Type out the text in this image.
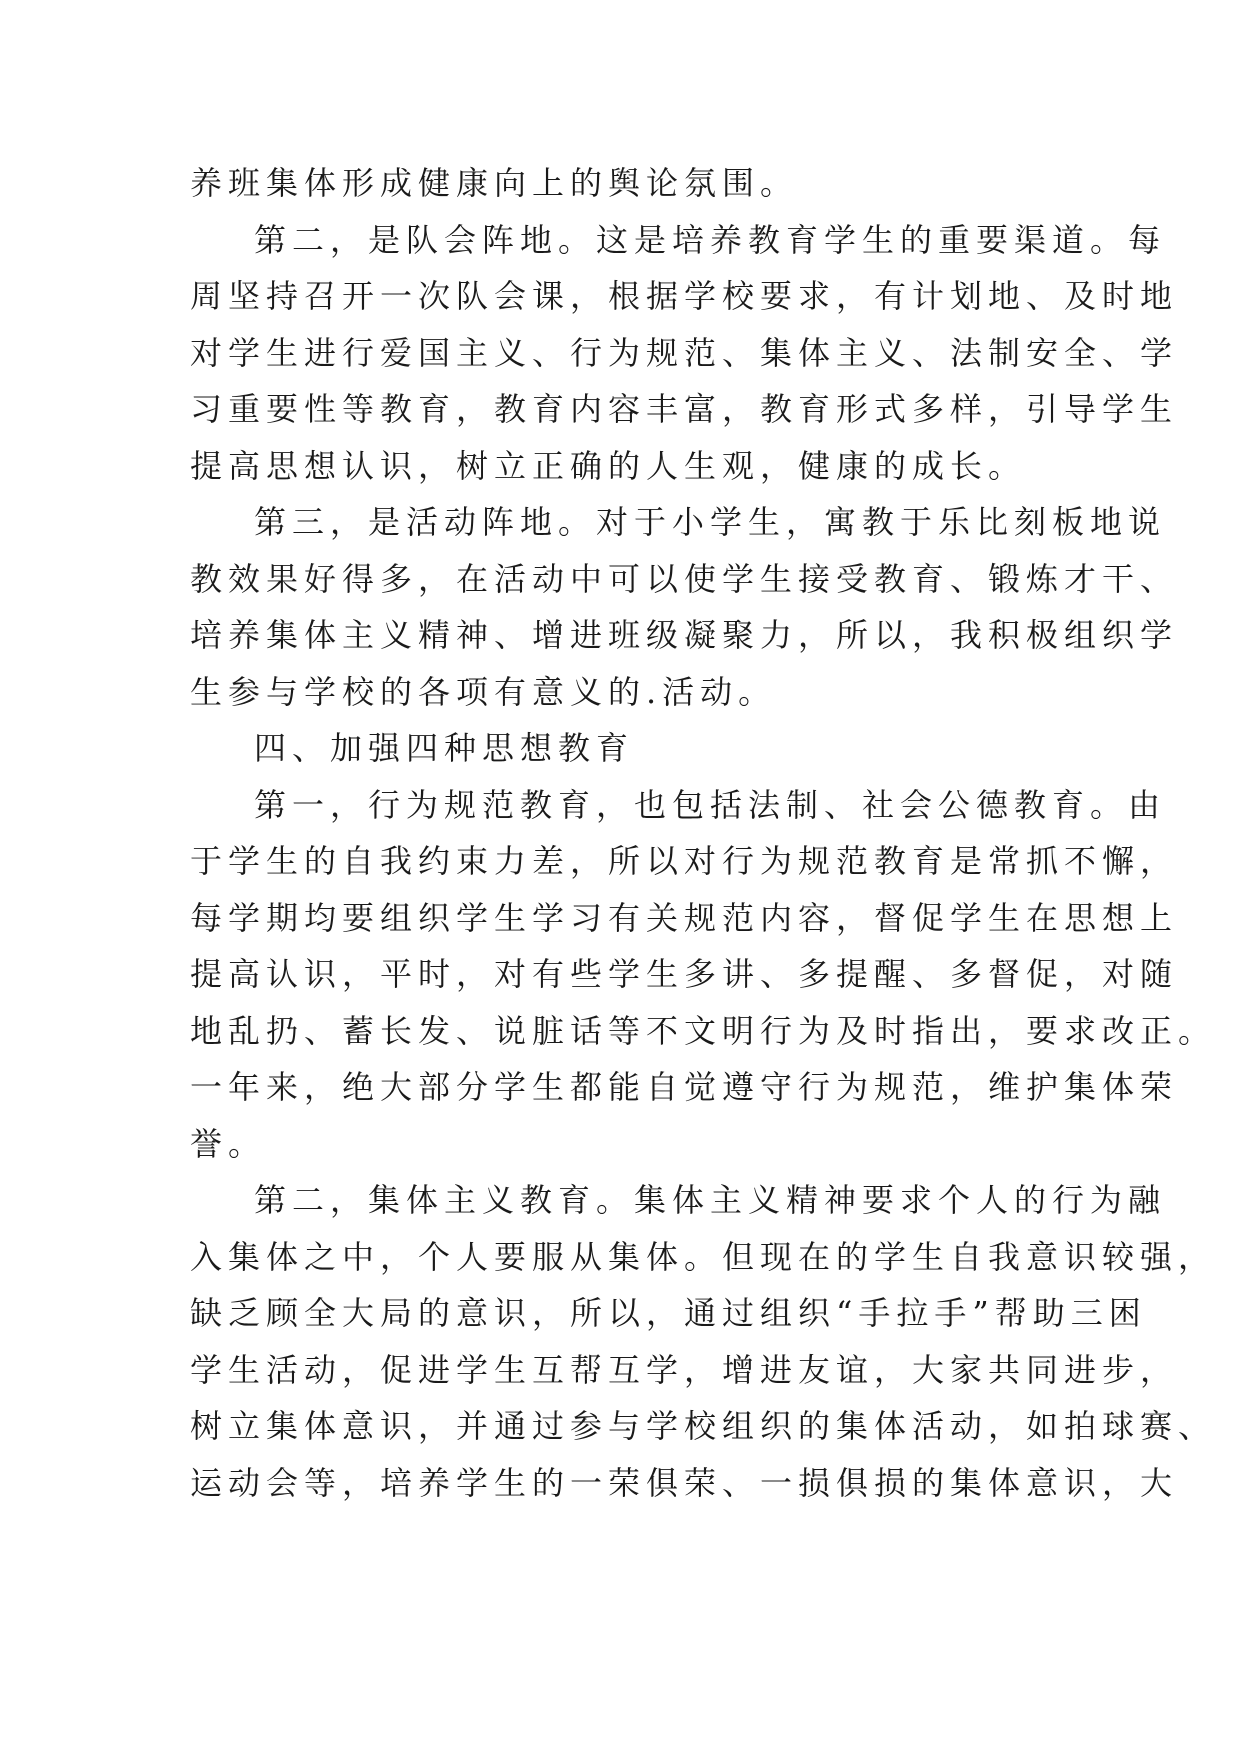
养班集体形成健康向上的舆论氛围。
第二，是队会阵地。这是培养教育学生的重要渠道。每
周坚持召开一次队会课，根据学校要求，有计划地、及时地
对学生进行爱国主义、行为规范、集体主义、法制安全、学
习重要性等教育，教育内容丰富，教育形式多样，引导学生
提高思想认识，树立正确的人生观，健康的成长。
第三，是活动阵地。对于小学生，寓教于乐比刻板地说
教效果好得多，在活动中可以使学生接受教育、锻炼才干、
培养集体主义精神、增进班级凝聚力，所以，我积极组织学
生参与学校的各项有意义的.活动。
四、加强四种思想教育
第一，行为规范教育，也包括法制、社会公德教育。由
于学生的自我约束力差，所以对行为规范教育是常抓不懈，
每学期均要组织学生学习有关规范内容，督促学生在思想上
提高认识，平时，对有些学生多讲、多提醒、多督促，对随
地乱扔、蓄长发、说脏话等不文明行为及时指出，要求改正。
一年来，绝大部分学生都能自觉遵守行为规范，维护集体荣
誉。
第二，集体主义教育。集体主义精神要求个人的行为融
入集体之中，个人要服从集体。但现在的学生自我意识较强，
缺乏顾全大局的意识，所以，通过组织“手拉手”帮助三困
学生活动，促进学生互帮互学，增进友谊，大家共同进步，
树立集体意识，并通过参与学校组织的集体活动，如拍球赛、
运动会等，培养学生的一荣俱荣、一损俱损的集体意识，大
